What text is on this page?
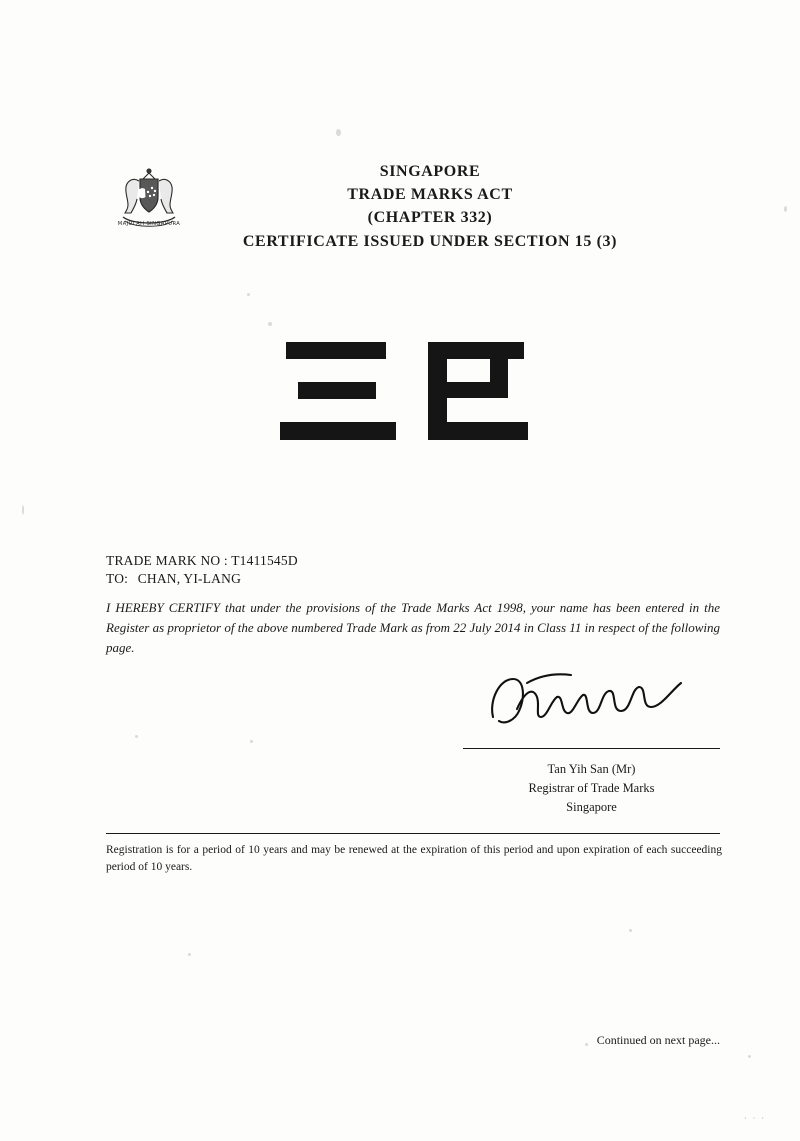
MAJULAH SINGAPURA
SINGAPORE
TRADE MARKS ACT
(CHAPTER 332)
CERTIFICATE ISSUED UNDER SECTION 15 (3)
TRADE MARK NO : T1411545D
TO: CHAN, YI-LANG
I HEREBY CERTIFY that under the provisions of the Trade Marks Act 1998, your name has been entered in the Register as proprietor of the above numbered Trade Mark as from 22 July 2014 in Class 11 in respect of the following page.
Tan Yih San (Mr)
Registrar of Trade Marks
Singapore
Registration is for a period of 10 years and may be renewed at the expiration of this period and upon expiration of each succeeding period of 10 years.
Continued on next page...
· · ·
